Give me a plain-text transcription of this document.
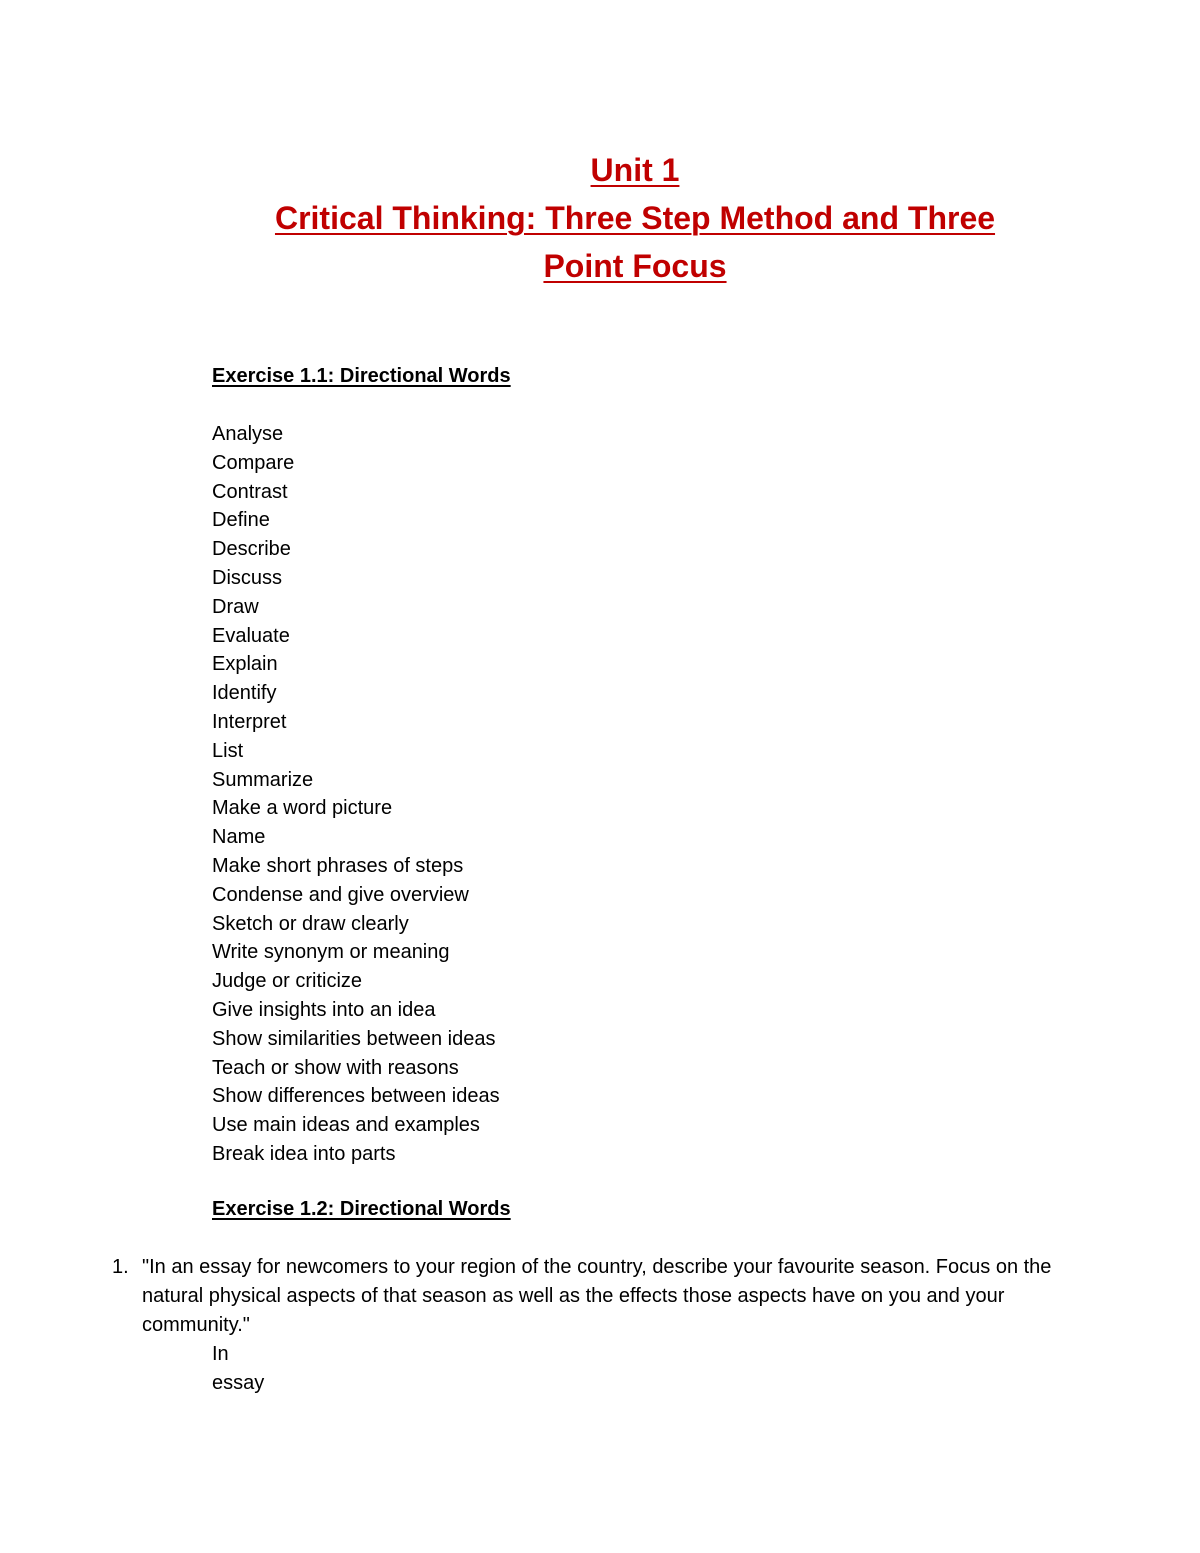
Unit 1
Critical Thinking: Three Step Method and Three
Point Focus
Exercise 1.1: Directional Words
Analyse
Compare
Contrast
Define
Describe
Discuss
Draw
Evaluate
Explain
Identify
Interpret
List
Summarize
Make a word picture
Name
Make short phrases of steps
Condense and give overview
Sketch or draw clearly
Write synonym or meaning
Judge or criticize
Give insights into an idea
Show similarities between ideas
Teach or show with reasons
Show differences between ideas
Use main ideas and examples
Break idea into parts
Exercise 1.2: Directional Words
1. "In an essay for newcomers to your region of the country, describe your favourite season. Focus on the natural physical aspects of that season as well as the effects those aspects have on you and your community."
In
essay
